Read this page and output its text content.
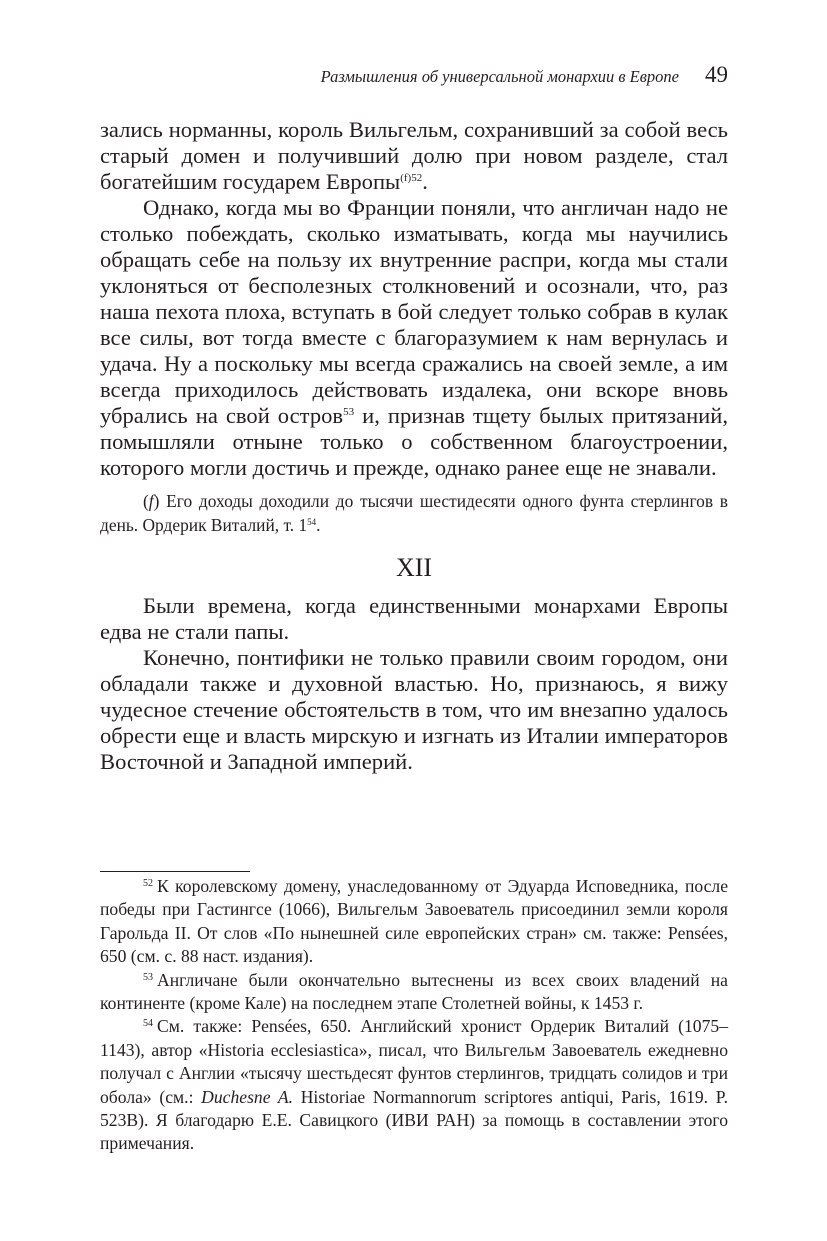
Размышления об универсальной монархии в Европе 49

зались норманны, король Вильгельм, сохранивший за собой весь старый домен и получивший долю при новом разделе, стал богатейшим государем Европы$^{(f)52}$.

Однако, когда мы во Франции поняли, что англичан надо не столько побеждать, сколько изматывать, когда мы научились обращать себе на пользу их внутренние распри, когда мы стали уклоняться от бесполезных столкновений и осознали, что, раз наша пехота плоха, вступать в бой следует только собрав в кулак все силы, вот тогда вместе с благоразумием к нам вернулась и удача. Ну а поскольку мы всегда сражались на своей земле, а им всегда приходилось действовать издалека, они вскоре вновь убрались на свой остров$^{53}$ и, признав тщету былых притязаний, помышляли отныне только о собственном благоустроении, которого могли достичь и прежде, однако ранее еще не знавали.

(f) Его доходы доходили до тысячи шестидесяти одного фунта стерлингов в день. Ордерик Виталий, т. $1^{54}$.

XII

Были времена, когда единственными монархами Европы едва не стали папы.

Конечно, понтифики не только правили своим городом, они обладали также и духовной властью. Но, признаюсь, я вижу чудесное стечение обстоятельств в том, что им внезапно удалось обрести еще и власть мирскую и изгнать из Италии императоров Восточной и Западной империй.

$^{52}$ К королевскому домену, унаследованному от Эдуарда Исповедника, после победы при Гастингсе (1066), Вильгельм Завоеватель присоединил земли короля Гарольда II. От слов «По нынешней силе европейских стран» см. также: Pensées, 650 (см. с. 88 наст. издания).

$^{53}$ Англичане были окончательно вытеснены из всех своих владений на континенте (кроме Кале) на последнем этапе Столетней войны, к 1453 г.

$^{54}$ См. также: Pensées, 650. Английский хронист Ордерик Виталий (1075–1143), автор «Historia ecclesiastica», писал, что Вильгельм Завоеватель ежедневно получал с Англии «тысячу шестьдесят фунтов стерлингов, тридцать солидов и три обола» (см.: Duchesne A. Historiae Normannorum scriptores antiqui, Paris, 1619. P. 523B). Я благодарю Е.Е. Савицкого (ИВИ РАН) за помощь в составлении этого примечания.
